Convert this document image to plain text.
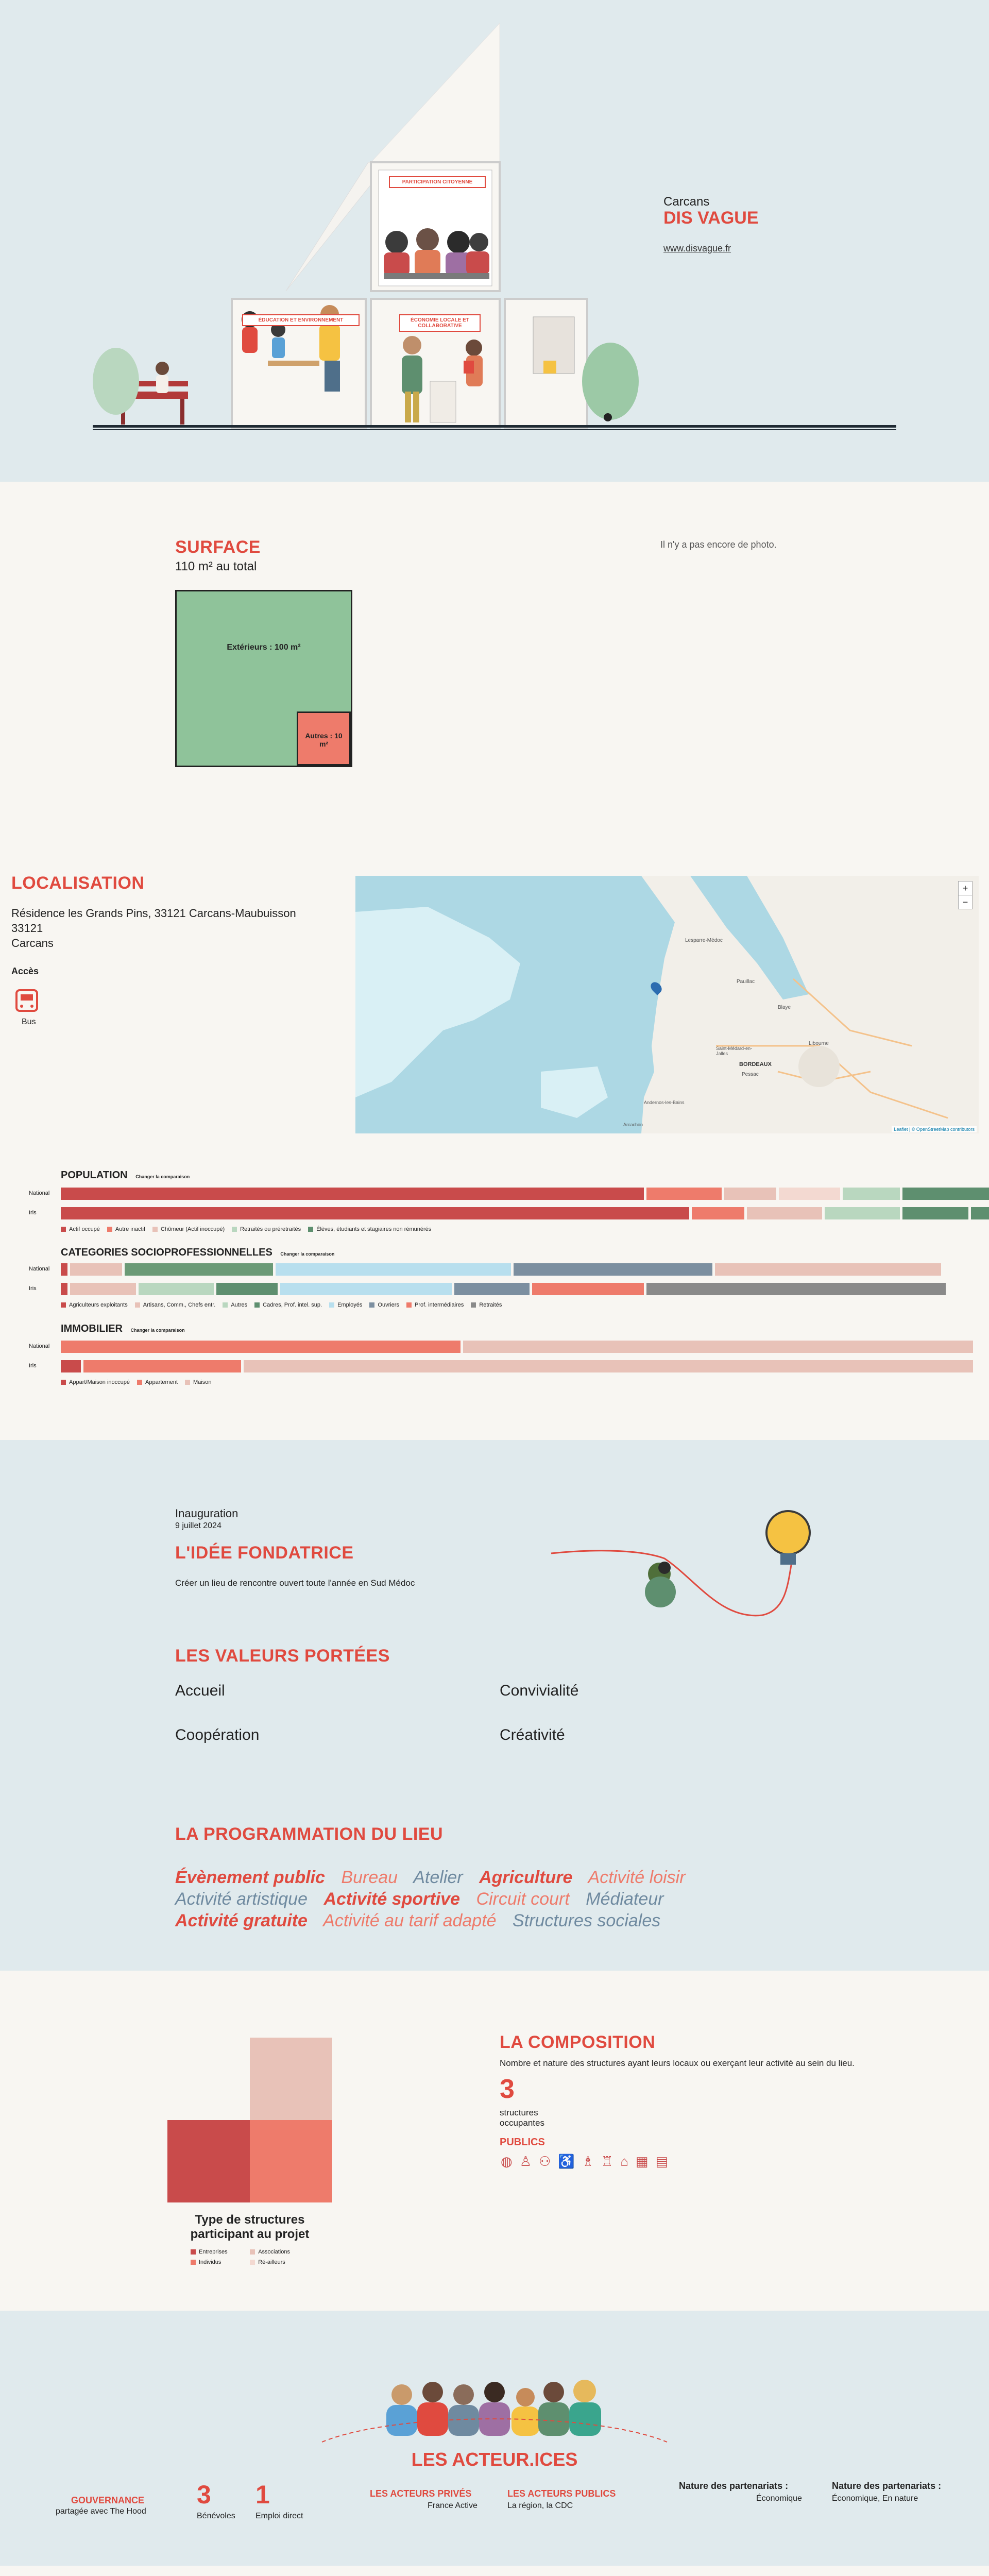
PARTICIPATION CITOYENNE
ÉDUCATION ET ENVIRONNEMENT	ÉCONOMIE LOCALE ET COLLABORATIVE
Carcans
DIS VAGUE
www.disvague.fr
SURFACE
110 m² au total
Extérieurs : 100 m²
Autres : 10 m²
Il n'y a pas encore de photo.
LOCALISATION
Résidence les Grands Pins, 33121 Carcans-Maubuisson
33121
Carcans
Accès
Bus
Lesparre-Médoc
Pauillac
Blaye
BORDEAUX
Pessac
Saint-Médard-en-Jalles
Libourne
Andernos-les-Bains
Arcachon
+
−
Leaflet | © OpenStreetMap contributors
POPULATION Changer la comparaison
National
Iris
Actif occupé	Autre inactif	Chômeur (Actif inoccupé)	Retraités ou préretraités	Élèves, étudiants et stagiaires non rémunérés
CATEGORIES SOCIOPROFESSIONNELLES Changer la comparaison
National
Iris
Agriculteurs exploitants	Artisans, Comm., Chefs entr.	Autres	Cadres, Prof. intel. sup.	Employés	Ouvriers	Prof. intermédiaires	Retraités
IMMOBILIER Changer la comparaison
National
Iris
Appart/Maison inoccupé	Appartement	Maison
Inauguration
9 juillet 2024
L'IDÉE FONDATRICE
Créer un lieu de rencontre ouvert toute l'année en Sud Médoc
LES VALEURS PORTÉES
Accueil	Convivialité
Coopération	Créativité
LA PROGRAMMATION DU LIEU
Évènement public Bureau Atelier Agriculture Activité loisir
Activité artistique Activité sportive Circuit court Médiateur
Activité gratuite Activité au tarif adapté Structures sociales
Type de structures participant au projet
Entreprises	Associations Individus	Ré-ailleurs
LA COMPOSITION
Nombre et nature des structures ayant leurs locaux ou exerçant leur activité au sein du lieu.
3
structures occupantes
PUBLICS
◍♙⚇♿♗♖⌂▦▤
LES ACTEUR.ICES
GOUVERNANCE
partagée avec The Hood
3
Bénévoles
1
Emploi direct
LES ACTEURS PRIVÉS
France Active
LES ACTEURS PUBLICS
La région, la CDC
Nature des partenariats :
Économique
Nature des partenariats :
Économique, En nature
